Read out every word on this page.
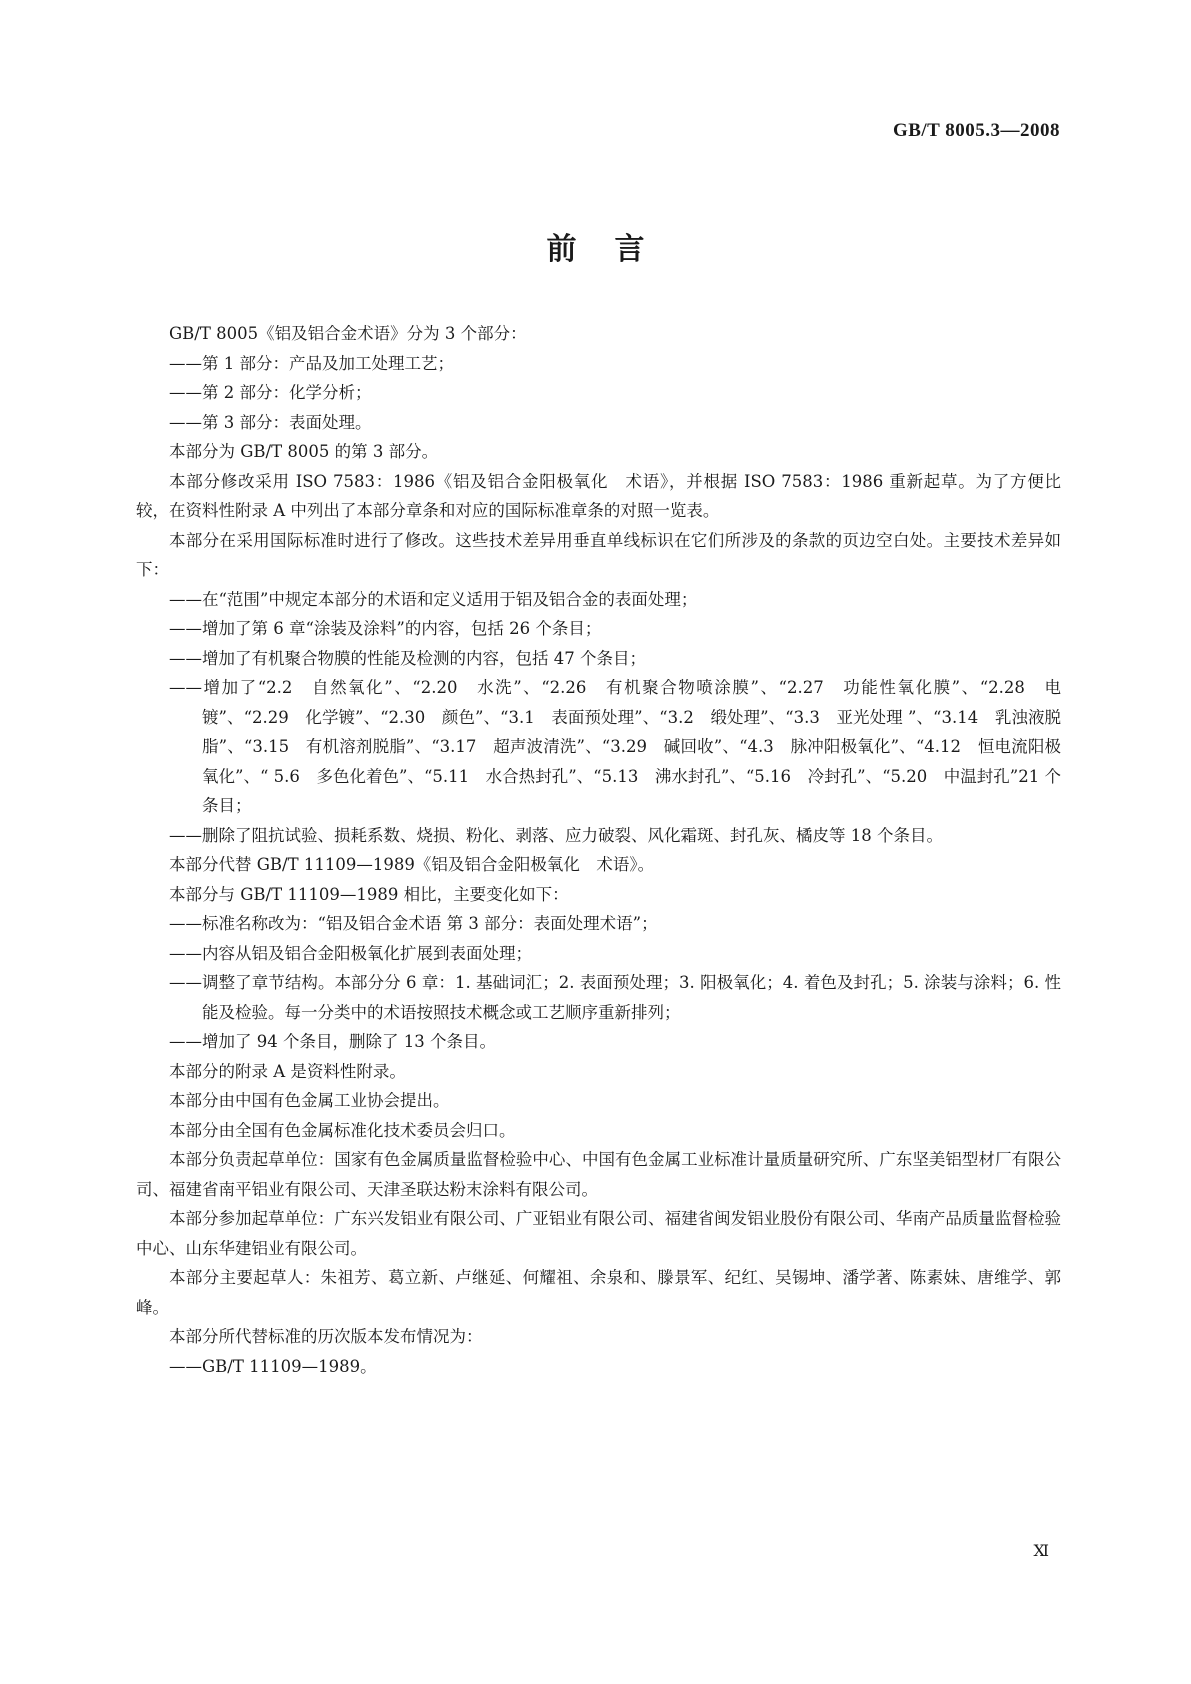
GB/T 8005.3—2008
前言

GB/T 8005《铝及铝合金术语》分为 3 个部分：

——第 1 部分：产品及加工处理工艺；

——第 2 部分：化学分析；

——第 3 部分：表面处理。

本部分为 GB/T 8005 的第 3 部分。

本部分修改采用 ISO 7583：1986《铝及铝合金阳极氧化　术语》，并根据 ISO 7583：1986 重新起草。为了方便比较，在资料性附录 A 中列出了本部分章条和对应的国际标准章条的对照一览表。

本部分在采用国际标准时进行了修改。这些技术差异用垂直单线标识在它们所涉及的条款的页边空白处。主要技术差异如下：

——在“范围”中规定本部分的术语和定义适用于铝及铝合金的表面处理；

——增加了第 6 章“涂装及涂料”的内容，包括 26 个条目；

——增加了有机聚合物膜的性能及检测的内容，包括 47 个条目；

——增加了“2.2　自然氧化”、“2.20　水洗”、“2.26　有机聚合物喷涂膜”、“2.27　功能性氧化膜”、“2.28　电镀”、“2.29　化学镀”、“2.30　颜色”、“3.1　表面预处理”、“3.2　缎处理”、“3.3　亚光处理 ”、“3.14　乳浊液脱脂”、“3.15　有机溶剂脱脂”、“3.17　超声波清洗”、“3.29　碱回收”、“4.3　脉冲阳极氧化”、“4.12　恒电流阳极氧化”、“ 5.6　多色化着色”、“5.11　水合热封孔”、“5.13　沸水封孔”、“5.16　冷封孔”、“5.20　中温封孔”21 个条目；

——删除了阻抗试验、损耗系数、烧损、粉化、剥落、应力破裂、风化霜斑、封孔灰、橘皮等 18 个条目。

本部分代替 GB/T 11109—1989《铝及铝合金阳极氧化　术语》。

本部分与 GB/T 11109—1989 相比，主要变化如下：

——标准名称改为：“铝及铝合金术语 第 3 部分：表面处理术语”；

——内容从铝及铝合金阳极氧化扩展到表面处理；

——调整了章节结构。本部分分 6 章：1. 基础词汇；2. 表面预处理；3. 阳极氧化；4. 着色及封孔；5. 涂装与涂料；6. 性能及检验。每一分类中的术语按照技术概念或工艺顺序重新排列；

——增加了 94 个条目，删除了 13 个条目。

本部分的附录 A 是资料性附录。

本部分由中国有色金属工业协会提出。

本部分由全国有色金属标准化技术委员会归口。

本部分负责起草单位：国家有色金属质量监督检验中心、中国有色金属工业标准计量质量研究所、广东坚美铝型材厂有限公司、福建省南平铝业有限公司、天津圣联达粉末涂料有限公司。

本部分参加起草单位：广东兴发铝业有限公司、广亚铝业有限公司、福建省闽发铝业股份有限公司、华南产品质量监督检验中心、山东华建铝业有限公司。

本部分主要起草人：朱祖芳、葛立新、卢继延、何耀祖、余泉和、滕景军、纪红、吴锡坤、潘学著、陈素妹、唐维学、郭峰。

本部分所代替标准的历次版本发布情况为：

——GB/T 11109—1989。

Ⅺ
